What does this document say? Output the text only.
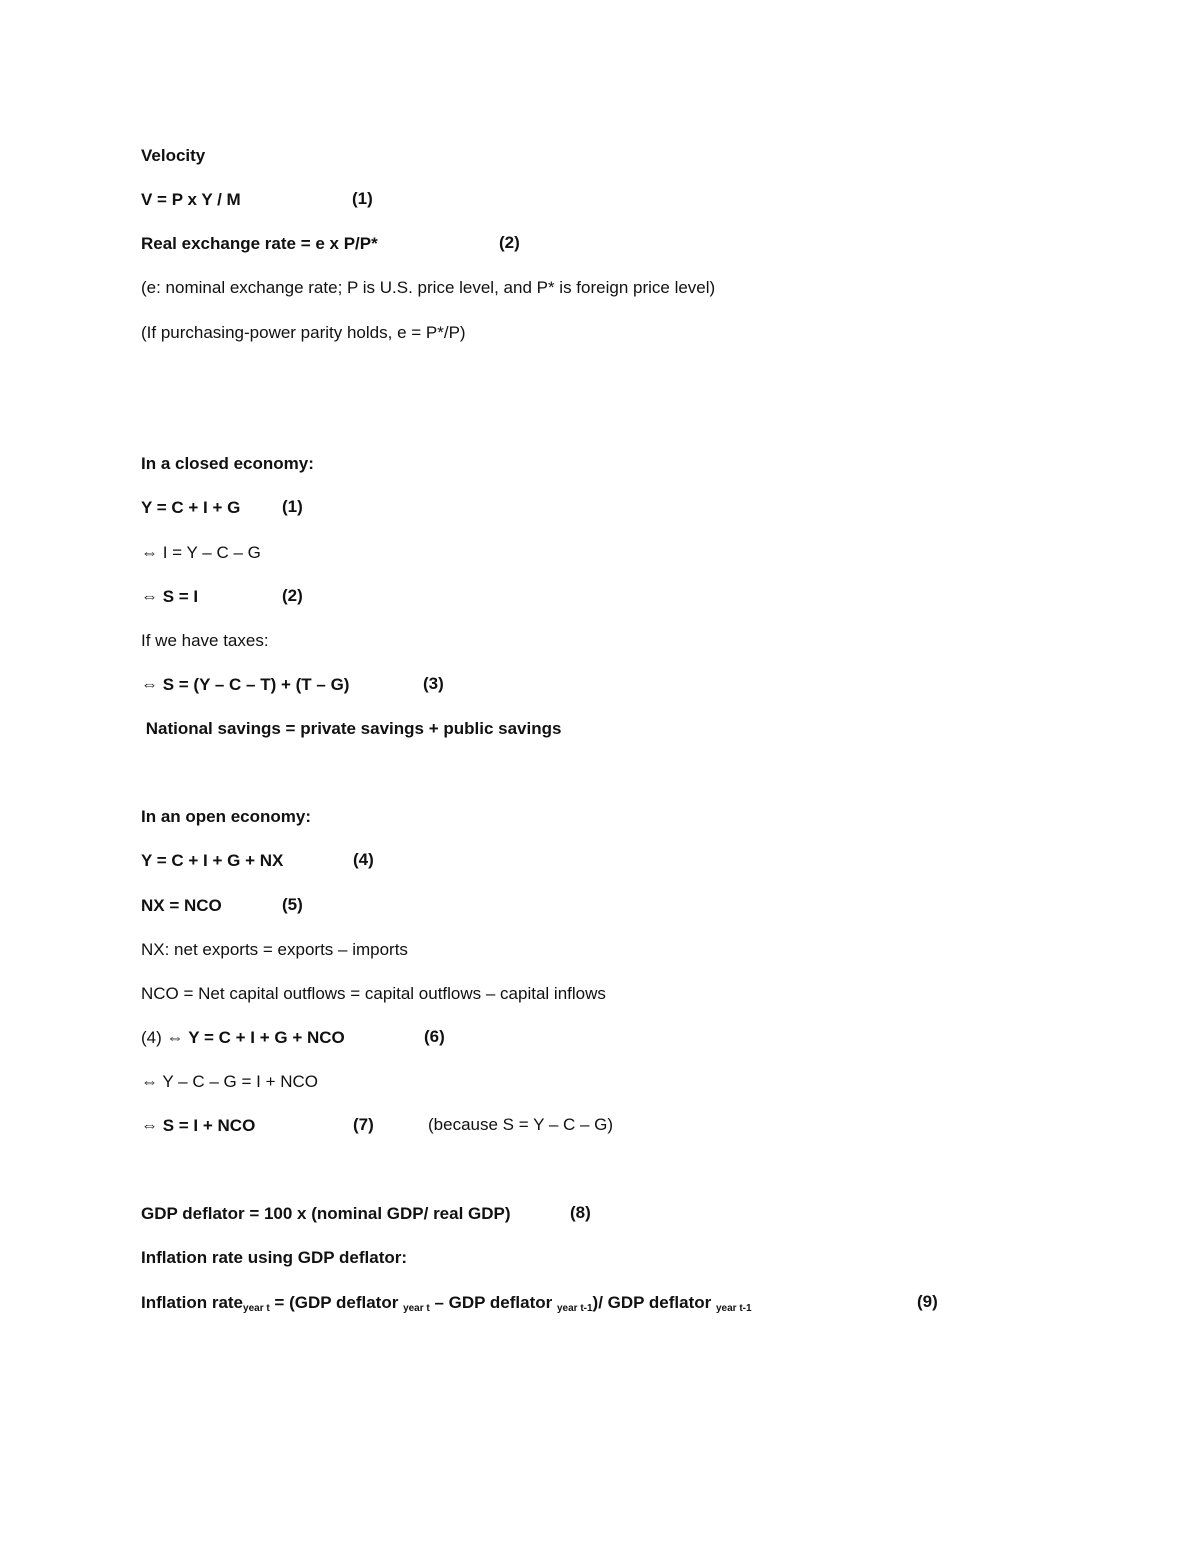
Velocity
V = P x Y / M	(1)
Real exchange rate = e x P/P*	(2)
(e: nominal exchange rate; P is U.S. price level, and P* is foreign price level)
(If purchasing-power parity holds, e = P*/P)
In a closed economy:
Y = C + I + G (1)
⇔ I = Y – C – G
⇔ S = I	(2)
If we have taxes:
⇔ S = (Y – C – T) + (T – G)	(3)
National savings = private savings + public savings
In an open economy:
Y = C + I + G + NX	(4)
NX = NCO	(5)
NX: net exports = exports – imports
NCO = Net capital outflows = capital outflows – capital inflows
(4) ⇔ Y = C + I + G + NCO	(6)
⇔ Y – C – G = I + NCO
⇔ S = I + NCO	(7)	(because S = Y – C – G)
GDP deflator = 100 x (nominal GDP/ real GDP)	(8)
Inflation rate using GDP deflator:
Inflation rate$_{year t}$ = (GDP deflator $_{year t}$ – GDP deflator $_{year t-1}$)/ GDP deflator $_{year t-1}$	(9)
